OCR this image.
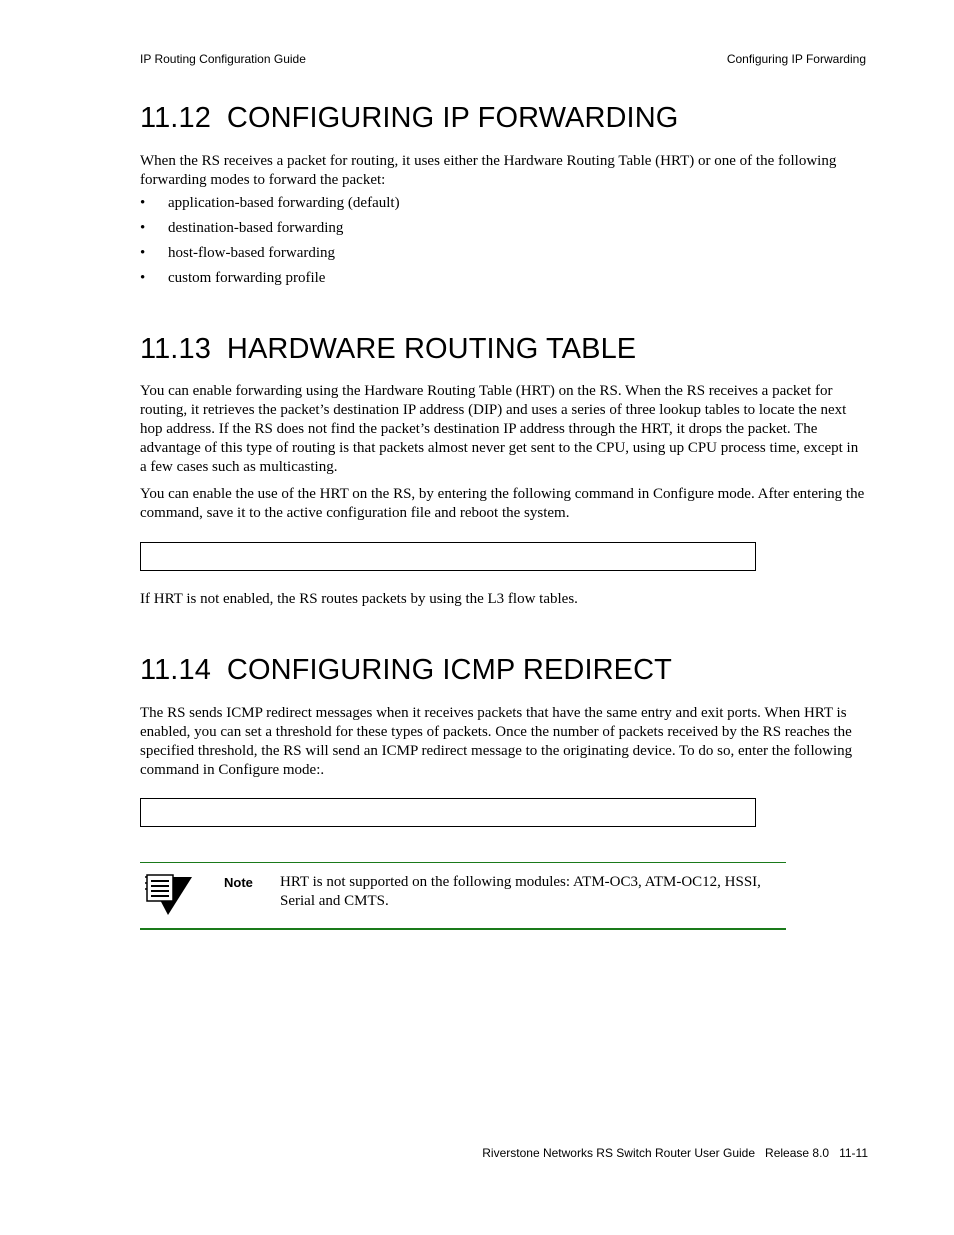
IP Routing Configuration Guide	Configuring IP Forwarding
11.12 CONFIGURING IP FORWARDING

When the RS receives a packet for routing, it uses either the Hardware Routing Table (HRT) or one of the following forwarding modes to forward the packet:

• application-based forwarding (default)
• destination-based forwarding
• host-flow-based forwarding
• custom forwarding profile
11.13 HARDWARE ROUTING TABLE

You can enable forwarding using the Hardware Routing Table (HRT) on the RS. When the RS receives a packet for routing, it retrieves the packet’s destination IP address (DIP) and uses a series of three lookup tables to locate the next hop address. If the RS does not find the packet’s destination IP address through the HRT, it drops the packet. The advantage of this type of routing is that packets almost never get sent to the CPU, using up CPU process time, except in a few cases such as multicasting.

You can enable the use of the HRT on the RS, by entering the following command in Configure mode. After entering the command, save it to the active configuration file and reboot the system.

If HRT is not enabled, the RS routes packets by using the L3 flow tables.

11.14 CONFIGURING ICMP REDIRECT

The RS sends ICMP redirect messages when it receives packets that have the same entry and exit ports. When HRT is enabled, you can set a threshold for these types of packets. Once the number of packets received by the RS reaches the specified threshold, the RS will send an ICMP redirect message to the originating device. To do so, enter the following command in Configure mode:.

Note HRT is not supported on the following modules: ATM-OC3, ATM-OC12, HSSI, Serial and CMTS.
Riverstone Networks RS Switch Router User Guide Release 8.0 11-11
